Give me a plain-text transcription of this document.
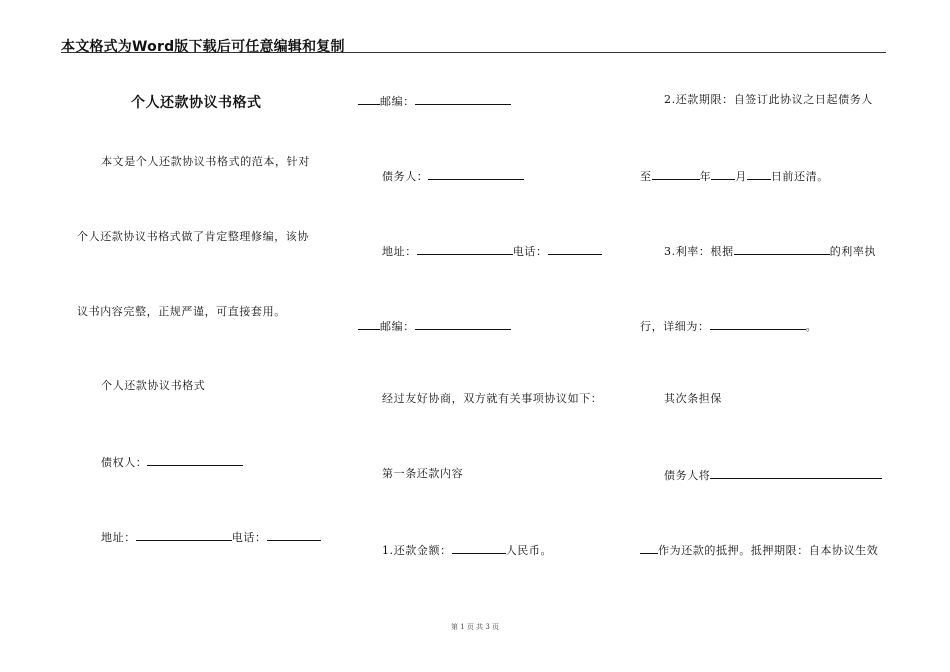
本文格式为Word版下载后可任意编辑和复制
个人还款协议书格式
本文是个人还款协议书格式的范本，针对
个人还款协议书格式做了肯定整理修编，该协
议书内容完整，正规严谨，可直接套用。
个人还款协议书格式
债权人：
地址：	电话：
邮编：
债务人：
地址：	电话：
邮编：
经过友好协商，双方就有关事项协议如下：
第一条还款内容
1.还款金额：	人民币。
2.还款期限：自签订此协议之日起债务人
至	年 月 日前还清。
3.利率：根据	的利率执
行，详细为：	。
其次条担保
债务人将
作为还款的抵押。抵押期限：自本协议生效
第 1 页 共 3 页
